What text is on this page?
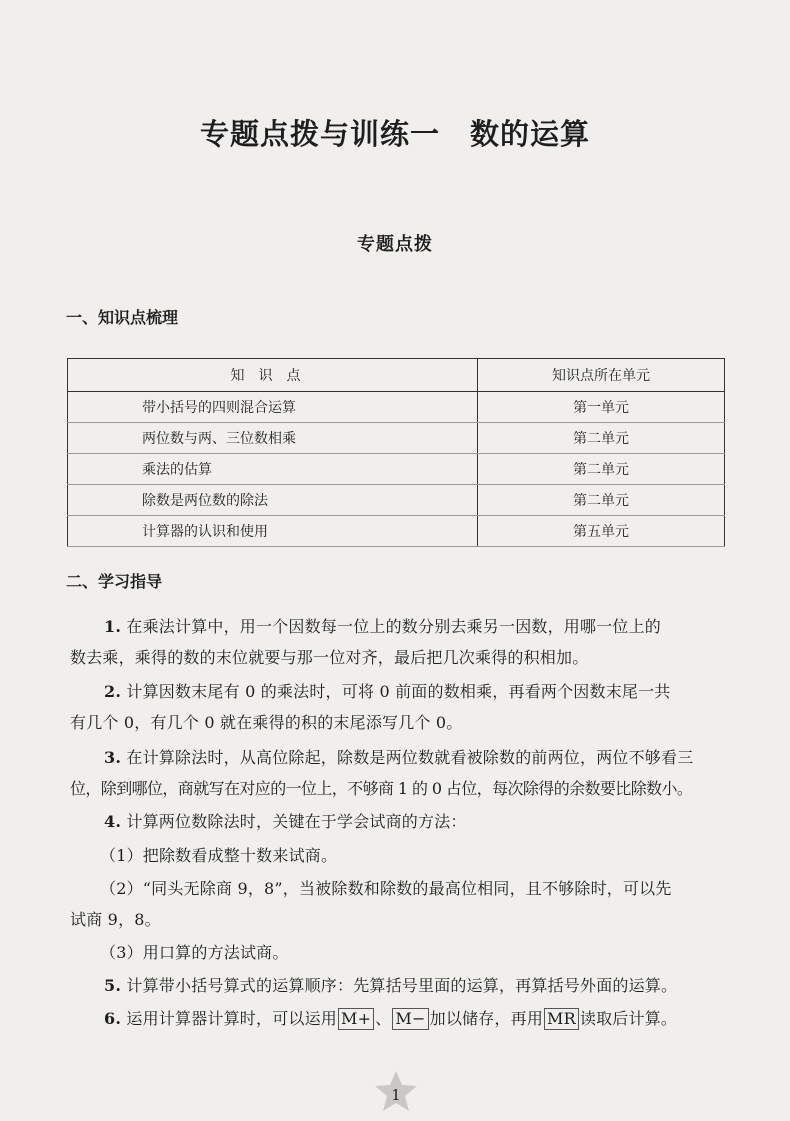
专题点拨与训练一 数的运算
专题点拨
一、知识点梳理
知识点	知识点所在单元
带小括号的四则混合运算	第一单元
两位数与两、三位数相乘	第二单元
乘法的估算	第二单元
除数是两位数的除法	第二单元
计算器的认识和使用	第五单元
二、学习指导
1. 在乘法计算中，用一个因数每一位上的数分别去乘另一因数，用哪一位上的
数去乘，乘得的数的末位就要与那一位对齐，最后把几次乘得的积相加。
2. 计算因数末尾有 0 的乘法时，可将 0 前面的数相乘，再看两个因数末尾一共
有几个 0，有几个 0 就在乘得的积的末尾添写几个 0。
3. 在计算除法时，从高位除起，除数是两位数就看被除数的前两位，两位不够看三
位，除到哪位，商就写在对应的一位上，不够商 1 的 0 占位，每次除得的余数要比除数小。
4. 计算两位数除法时，关键在于学会试商的方法：
（1）把除数看成整十数来试商。
（2）“同头无除商 9，8”，当被除数和除数的最高位相同，且不够除时，可以先
试商 9，8。
（3）用口算的方法试商。
5. 计算带小括号算式的运算顺序：先算括号里面的运算，再算括号外面的运算。
6. 运用计算器计算时，可以运用 M+ 、 M− 加以储存，再用 MR 读取后计算。
1
